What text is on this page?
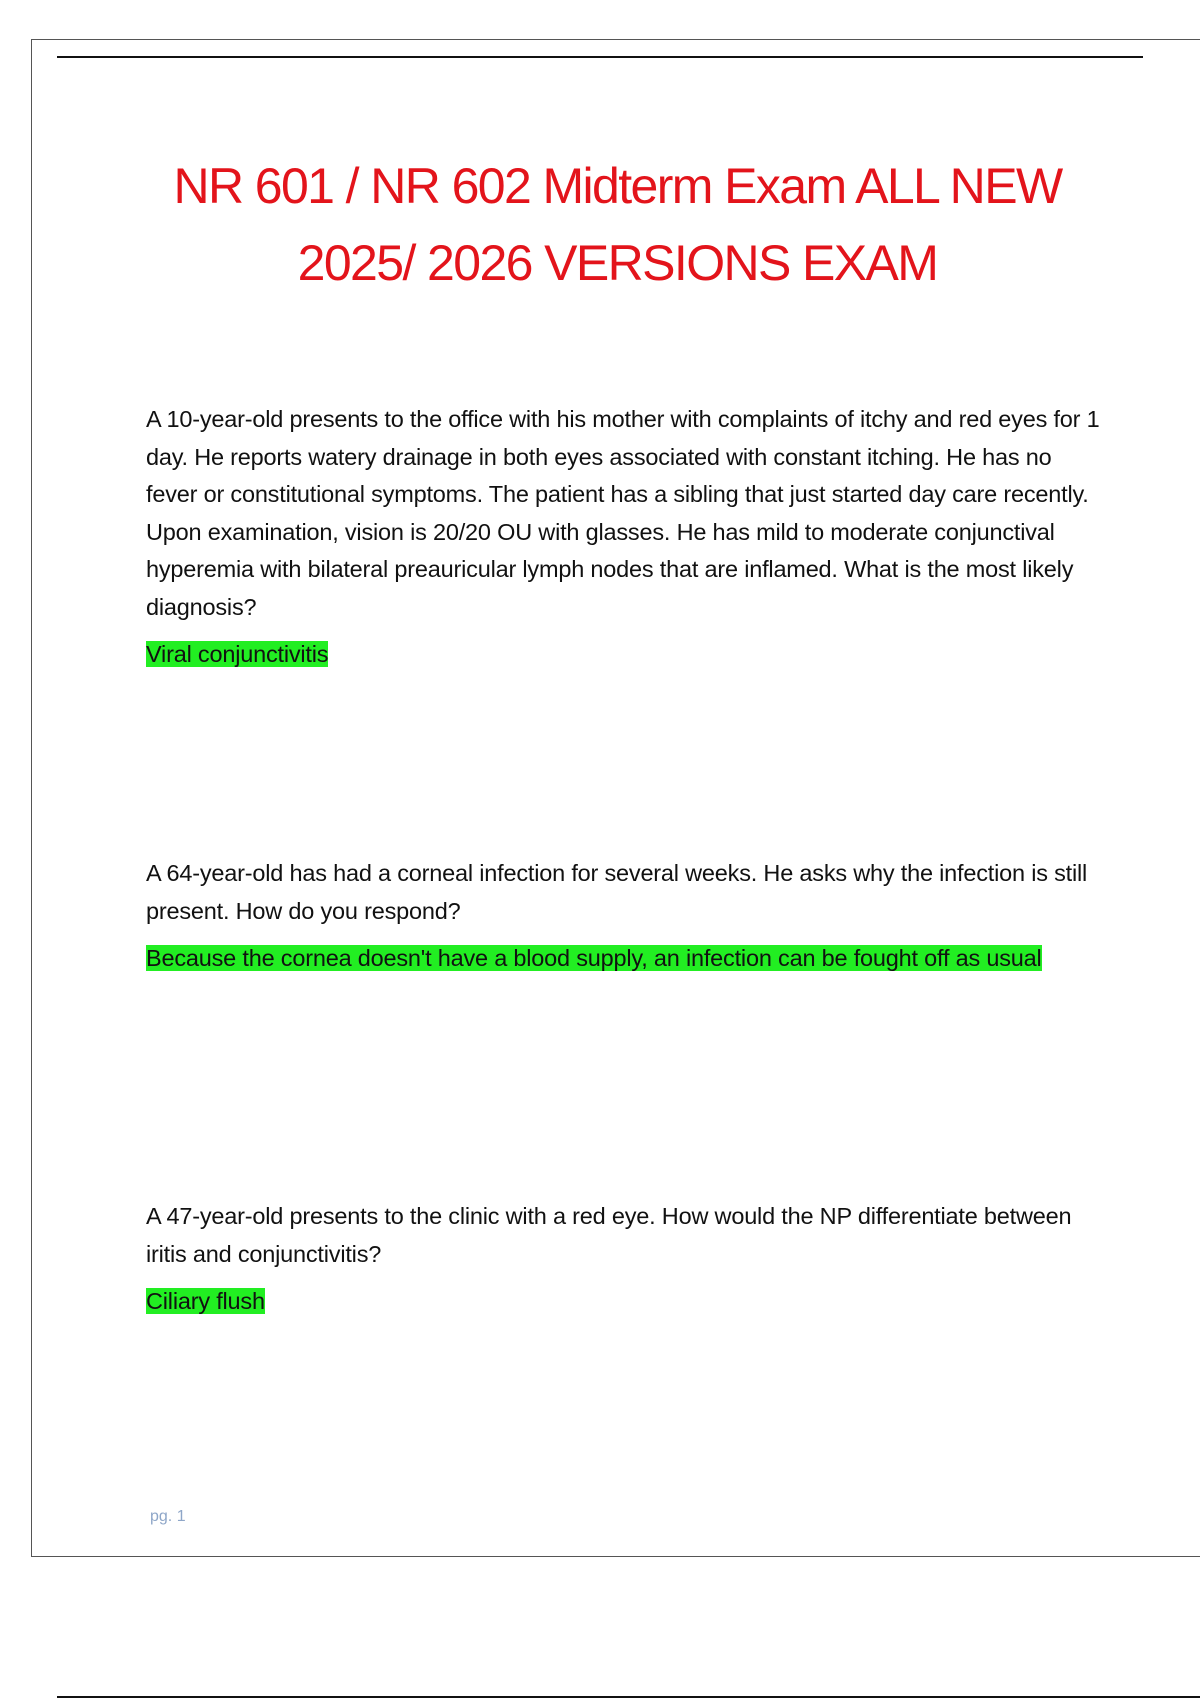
NR 601 / NR 602 Midterm Exam ALL NEW
2025/ 2026 VERSIONS EXAM

A 10-year-old presents to the office with his mother with complaints of itchy and red eyes for 1 day. He reports watery drainage in both eyes associated with constant itching. He has no fever or constitutional symptoms. The patient has a sibling that just started day care recently. Upon examination, vision is 20/20 OU with glasses. He has mild to moderate conjunctival hyperemia with bilateral preauricular lymph nodes that are inflamed. What is the most likely diagnosis?

Viral conjunctivitis

A 64-year-old has had a corneal infection for several weeks. He asks why the infection is still present. How do you respond?

Because the cornea doesn't have a blood supply, an infection can be fought off as usual

A 47-year-old presents to the clinic with a red eye. How would the NP differentiate between iritis and conjunctivitis?

Ciliary flush

pg. 1
